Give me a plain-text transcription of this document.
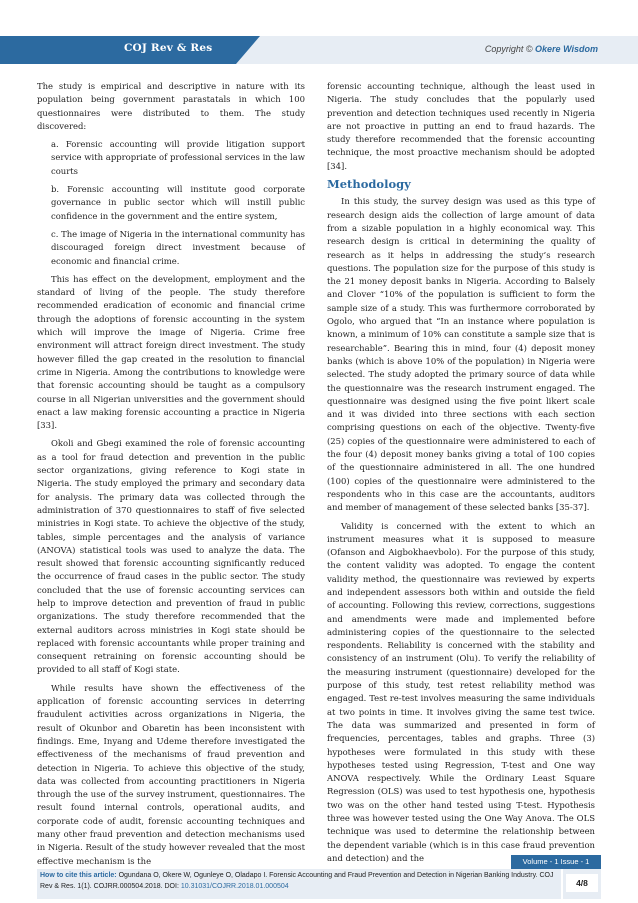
COJ Rev & Res	Copyright © Okere Wisdom

The study is empirical and descriptive in nature with its population being government parastatals in which 100 questionnaires were distributed to them. The study discovered:

a. Forensic accounting will provide litigation support service with appropriate of professional services in the law courts

b. Forensic accounting will institute good corporate governance in public sector which will instill public confidence in the government and the entire system,

c. The image of Nigeria in the international community has discouraged foreign direct investment because of economic and financial crime.

This has effect on the development, employment and the standard of living of the people. The study therefore recommended eradication of economic and financial crime through the adoptions of forensic accounting in the system which will improve the image of Nigeria. Crime free environment will attract foreign direct investment. The study however filled the gap created in the resolution to financial crime in Nigeria. Among the contributions to knowledge were that forensic accounting should be taught as a compulsory course in all Nigerian universities and the government should enact a law making forensic accounting a practice in Nigeria [33].

Okoli and Gbegi examined the role of forensic accounting as a tool for fraud detection and prevention in the public sector organizations, giving reference to Kogi state in Nigeria. The study employed the primary and secondary data for analysis. The primary data was collected through the administration of 370 questionnaires to staff of five selected ministries in Kogi state. To achieve the objective of the study, tables, simple percentages and the analysis of variance (ANOVA) statistical tools was used to analyze the data. The result showed that forensic accounting significantly reduced the occurrence of fraud cases in the public sector. The study concluded that the use of forensic accounting services can help to improve detection and prevention of fraud in public organizations. The study therefore recommended that the external auditors across ministries in Kogi state should be replaced with forensic accountants while proper training and consequent retraining on forensic accounting should be provided to all staff of Kogi state.

While results have shown the effectiveness of the application of forensic accounting services in deterring fraudulent activities across organizations in Nigeria, the result of Okunbor and Obaretin has been inconsistent with findings. Eme, Inyang and Udeme therefore investigated the effectiveness of the mechanisms of fraud prevention and detection in Nigeria. To achieve this objective of the study, data was collected from accounting practitioners in Nigeria through the use of the survey instrument, questionnaires. The result found internal controls, operational audits, and corporate code of audit, forensic accounting techniques and many other fraud prevention and detection mechanisms used in Nigeria. Result of the study however revealed that the most effective mechanism is the

forensic accounting technique, although the least used in Nigeria. The study concludes that the popularly used prevention and detection techniques used recently in Nigeria are not proactive in putting an end to fraud hazards. The study therefore recommended that the forensic accounting technique, the most proactive mechanism should be adopted [34].

Methodology

In this study, the survey design was used as this type of research design aids the collection of large amount of data from a sizable population in a highly economical way. This research design is critical in determining the quality of research as it helps in addressing the study’s research questions. The population size for the purpose of this study is the 21 money deposit banks in Nigeria. According to Balsely and Clover “10% of the population is sufficient to form the sample size of a study. This was furthermore corroborated by Ogolo, who argued that “In an instance where population is known, a minimum of 10% can constitute a sample size that is researchable”. Bearing this in mind, four (4) deposit money banks (which is above 10% of the population) in Nigeria were selected. The study adopted the primary source of data while the questionnaire was the research instrument engaged. The questionnaire was designed using the five point likert scale and it was divided into three sections with each section comprising questions on each of the objective. Twenty-five (25) copies of the questionnaire were administered to each of the four (4) deposit money banks giving a total of 100 copies of the questionnaire administered in all. The one hundred (100) copies of the questionnaire were administered to the respondents who in this case are the accountants, auditors and member of management of these selected banks [35-37].

Validity is concerned with the extent to which an instrument measures what it is supposed to measure (Ofanson and Aigbokhaevbolo). For the purpose of this study, the content validity was adopted. To engage the content validity method, the questionnaire was reviewed by experts and independent assessors both within and outside the field of accounting. Following this review, corrections, suggestions and amendments were made and implemented before administering copies of the questionnaire to the selected respondents. Reliability is concerned with the stability and consistency of an instrument (Olu). To verify the reliability of the measuring instrument (questionnaire) developed for the purpose of this study, test retest reliability method was engaged. Test re-test involves measuring the same individuals at two points in time. It involves giving the same test twice. The data was summarized and presented in form of frequencies, percentages, tables and graphs. Three (3) hypotheses were formulated in this study with these hypotheses tested using Regression, T-test and One way ANOVA respectively. While the Ordinary Least Square Regression (OLS) was used to test hypothesis one, hypothesis two was on the other hand tested using T-test. Hypothesis three was however tested using the One Way Anova. The OLS technique was used to determine the relationship between the dependent variable (which is in this case fraud prevention and detection) and the	Volume - 1 Issue - 1
How to cite this article: Ogundana O, Okere W, Ogunleye O, Oladapo I. Forensic Accounting and Fraud Prevention and Detection in Nigerian Banking Industry. COJ Rev & Res. 1(1). COJRR.000504.2018. DOI: 10.31031/COJRR.2018.01.000504	4/8
